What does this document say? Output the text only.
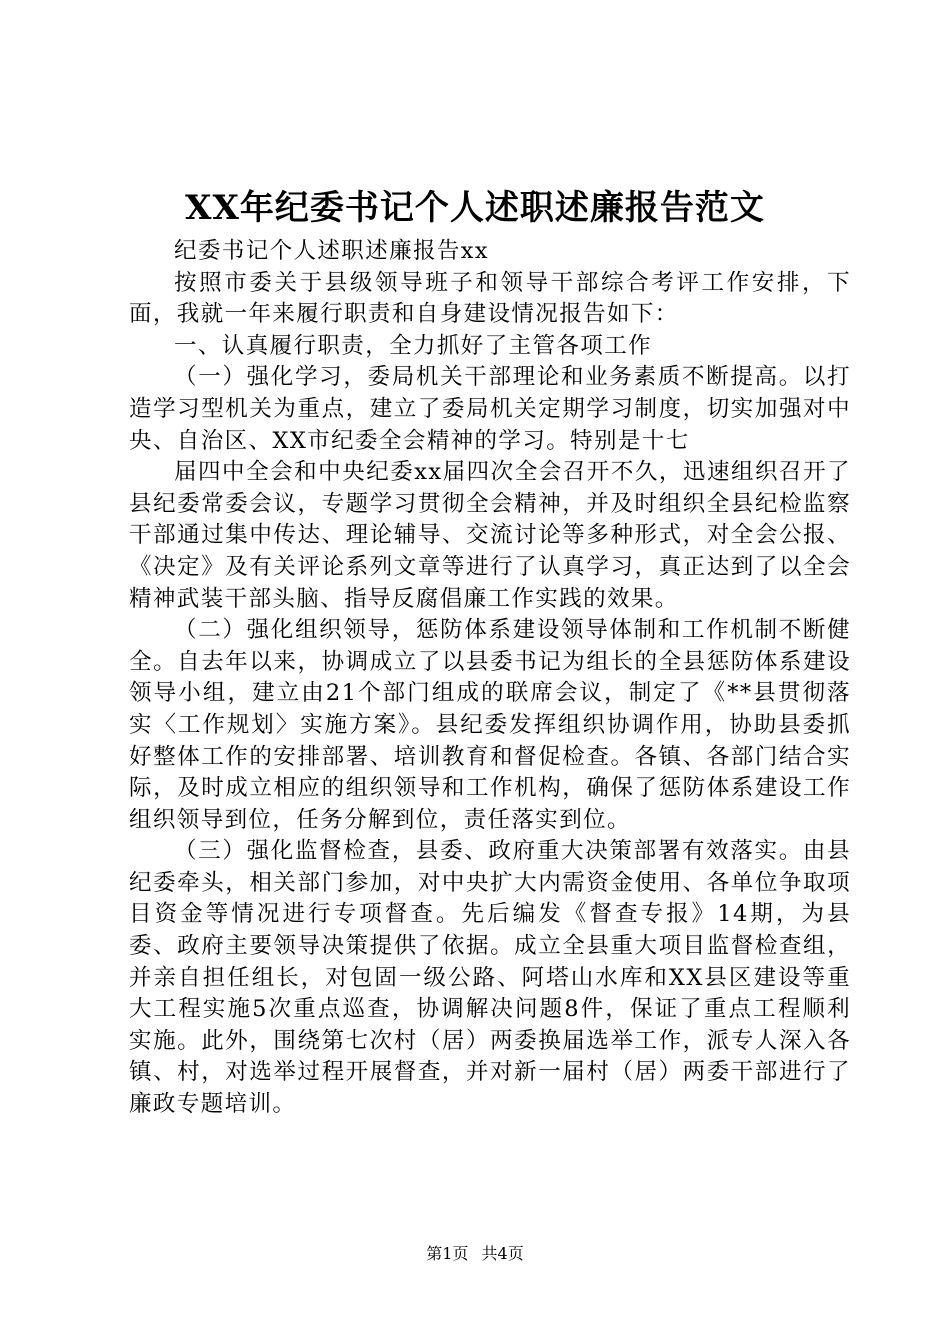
XX年纪委书记个人述职述廉报告范文

纪委书记个人述职述廉报告xx

按照市委关于县级领导班子和领导干部综合考评工作安排，下面，我就一年来履行职责和自身建设情况报告如下：

一、认真履行职责，全力抓好了主管各项工作

（一）强化学习，委局机关干部理论和业务素质不断提高。以打造学习型机关为重点，建立了委局机关定期学习制度，切实加强对中央、自治区、XX市纪委全会精神的学习。特别是十七

届四中全会和中央纪委xx届四次全会召开不久，迅速组织召开了县纪委常委会议，专题学习贯彻全会精神，并及时组织全县纪检监察干部通过集中传达、理论辅导、交流讨论等多种形式，对全会公报、《决定》及有关评论系列文章等进行了认真学习，真正达到了以全会精神武装干部头脑、指导反腐倡廉工作实践的效果。

（二）强化组织领导，惩防体系建设领导体制和工作机制不断健全。自去年以来，协调成立了以县委书记为组长的全县惩防体系建设领导小组，建立由21个部门组成的联席会议，制定了《**县贯彻落实〈工作规划〉实施方案》。县纪委发挥组织协调作用，协助县委抓好整体工作的安排部署、培训教育和督促检查。各镇、各部门结合实际，及时成立相应的组织领导和工作机构，确保了惩防体系建设工作组织领导到位，任务分解到位，责任落实到位。

（三）强化监督检查，县委、政府重大决策部署有效落实。由县纪委牵头，相关部门参加，对中央扩大内需资金使用、各单位争取项目资金等情况进行专项督查。先后编发《督查专报》14期，为县委、政府主要领导决策提供了依据。成立全县重大项目监督检查组，并亲自担任组长，对包固一级公路、阿塔山水库和XX县区建设等重大工程实施5次重点巡查，协调解决问题8件，保证了重点工程顺利实施。此外，围绕第七次村（居）两委换届选举工作，派专人深入各镇、村，对选举过程开展督查，并对新一届村（居）两委干部进行了廉政专题培训。

第1页 共4页
